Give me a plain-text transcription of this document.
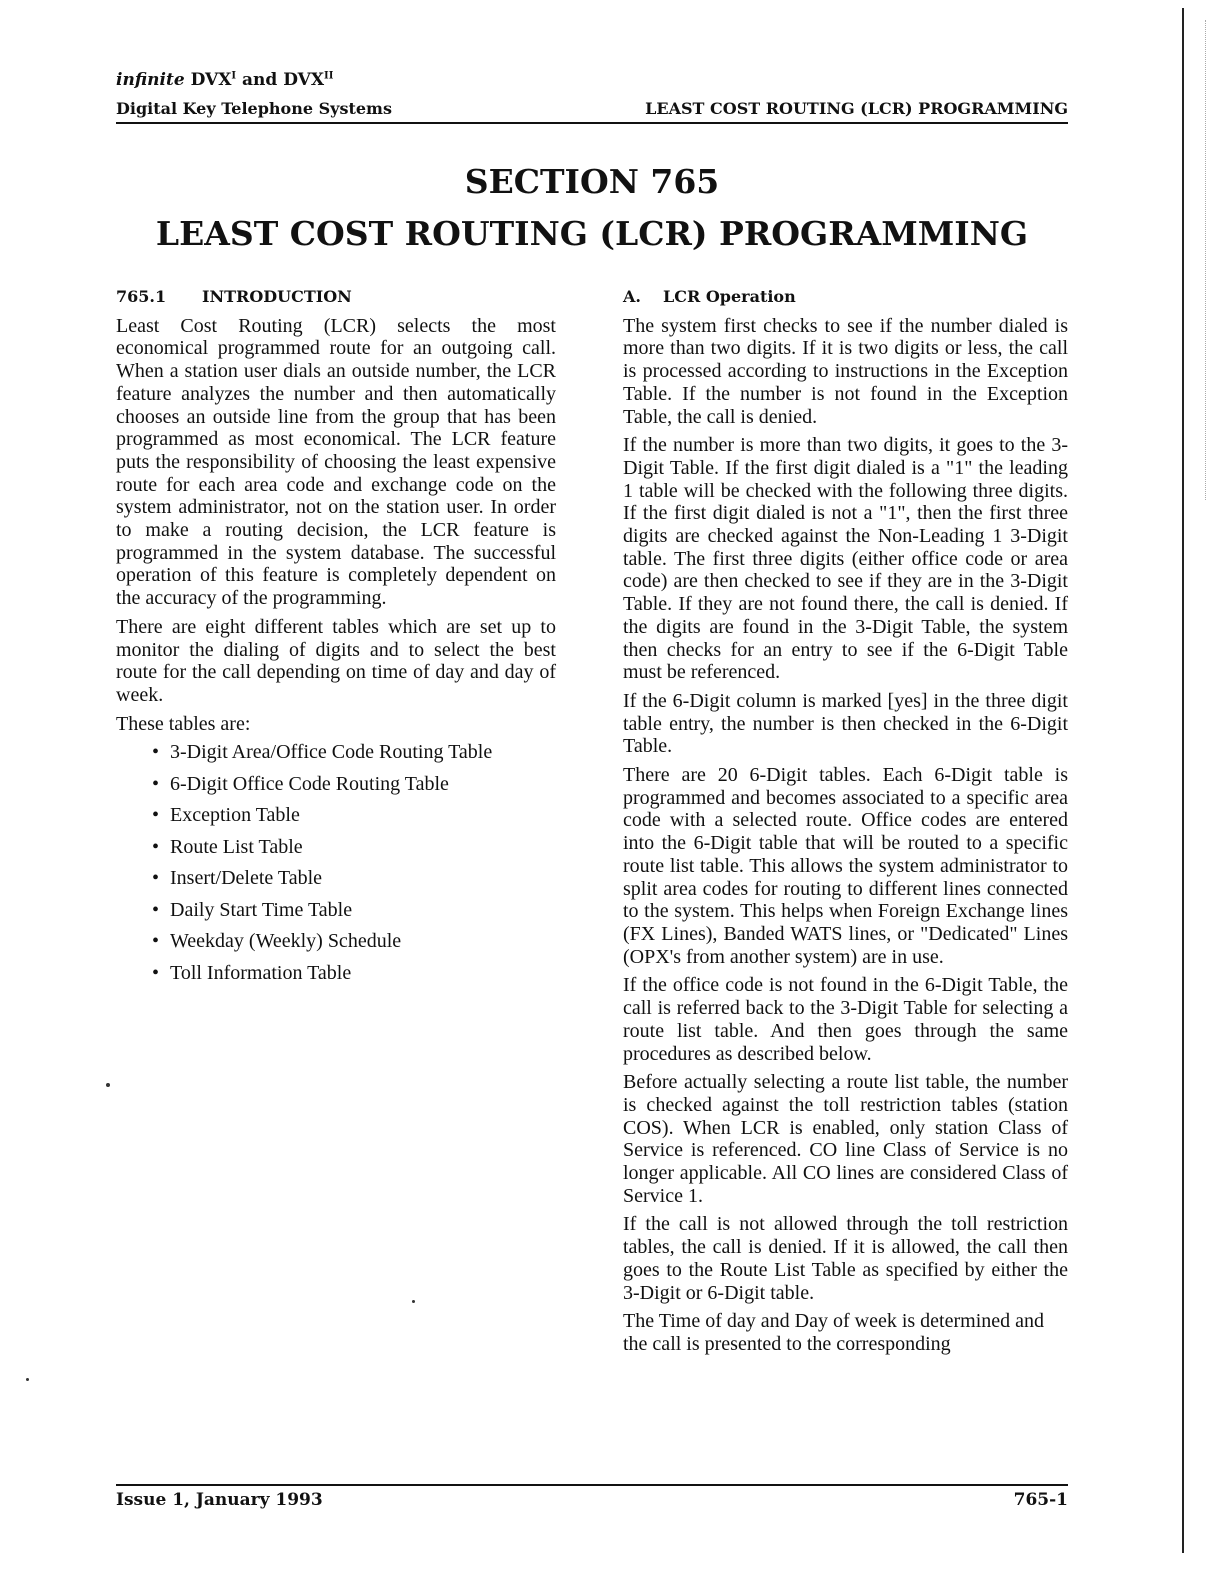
infinite $DVX^I$ and $DVX^{II}$
Digital Key Telephone Systems	LEAST COST ROUTING (LCR) PROGRAMMING
SECTION 765
LEAST COST ROUTING (LCR) PROGRAMMING
765.1 INTRODUCTION

Least Cost Routing (LCR) selects the most economical programmed route for an outgoing call. When a station user dials an outside number, the LCR feature analyzes the number and then automatically chooses an outside line from the group that has been programmed as most economical. The LCR feature puts the responsibility of choosing the least expensive route for each area code and exchange code on the system administrator, not on the station user. In order to make a routing decision, the LCR feature is programmed in the system database. The successful operation of this feature is completely dependent on the accuracy of the programming.

There are eight different tables which are set up to monitor the dialing of digits and to select the best route for the call depending on time of day and day of week.

These tables are:

• 3-Digit Area/Office Code Routing Table
• 6-Digit Office Code Routing Table
• Exception Table
• Route List Table
• Insert/Delete Table
• Daily Start Time Table
• Weekday (Weekly) Schedule
• Toll Information Table
A. LCR Operation

The system first checks to see if the number dialed is more than two digits. If it is two digits or less, the call is processed according to instructions in the Exception Table. If the number is not found in the Exception Table, the call is denied.

If the number is more than two digits, it goes to the 3-Digit Table. If the first digit dialed is a "1" the leading 1 table will be checked with the following three digits. If the first digit dialed is not a "1", then the first three digits are checked against the Non-Leading 1 3-Digit table. The first three digits (either office code or area code) are then checked to see if they are in the 3-Digit Table. If they are not found there, the call is denied. If the digits are found in the 3-Digit Table, the system then checks for an entry to see if the 6-Digit Table must be referenced.

If the 6-Digit column is marked [yes] in the three digit table entry, the number is then checked in the 6-Digit Table.

There are 20 6-Digit tables. Each 6-Digit table is programmed and becomes associated to a specific area code with a selected route. Office codes are entered into the 6-Digit table that will be routed to a specific route list table. This allows the system administrator to split area codes for routing to different lines connected to the system. This helps when Foreign Exchange lines (FX Lines), Banded WATS lines, or "Dedicated" Lines (OPX's from another system) are in use.

If the office code is not found in the 6-Digit Table, the call is referred back to the 3-Digit Table for selecting a route list table. And then goes through the same procedures as described below.

Before actually selecting a route list table, the number is checked against the toll restriction tables (station COS). When LCR is enabled, only station Class of Service is referenced. CO line Class of Service is no longer applicable. All CO lines are considered Class of Service 1.

If the call is not allowed through the toll restriction tables, the call is denied. If it is allowed, the call then goes to the Route List Table as specified by either the 3-Digit or 6-Digit table.

The Time of day and Day of week is determined and the call is presented to the corresponding

Issue 1, January 1993	765-1
